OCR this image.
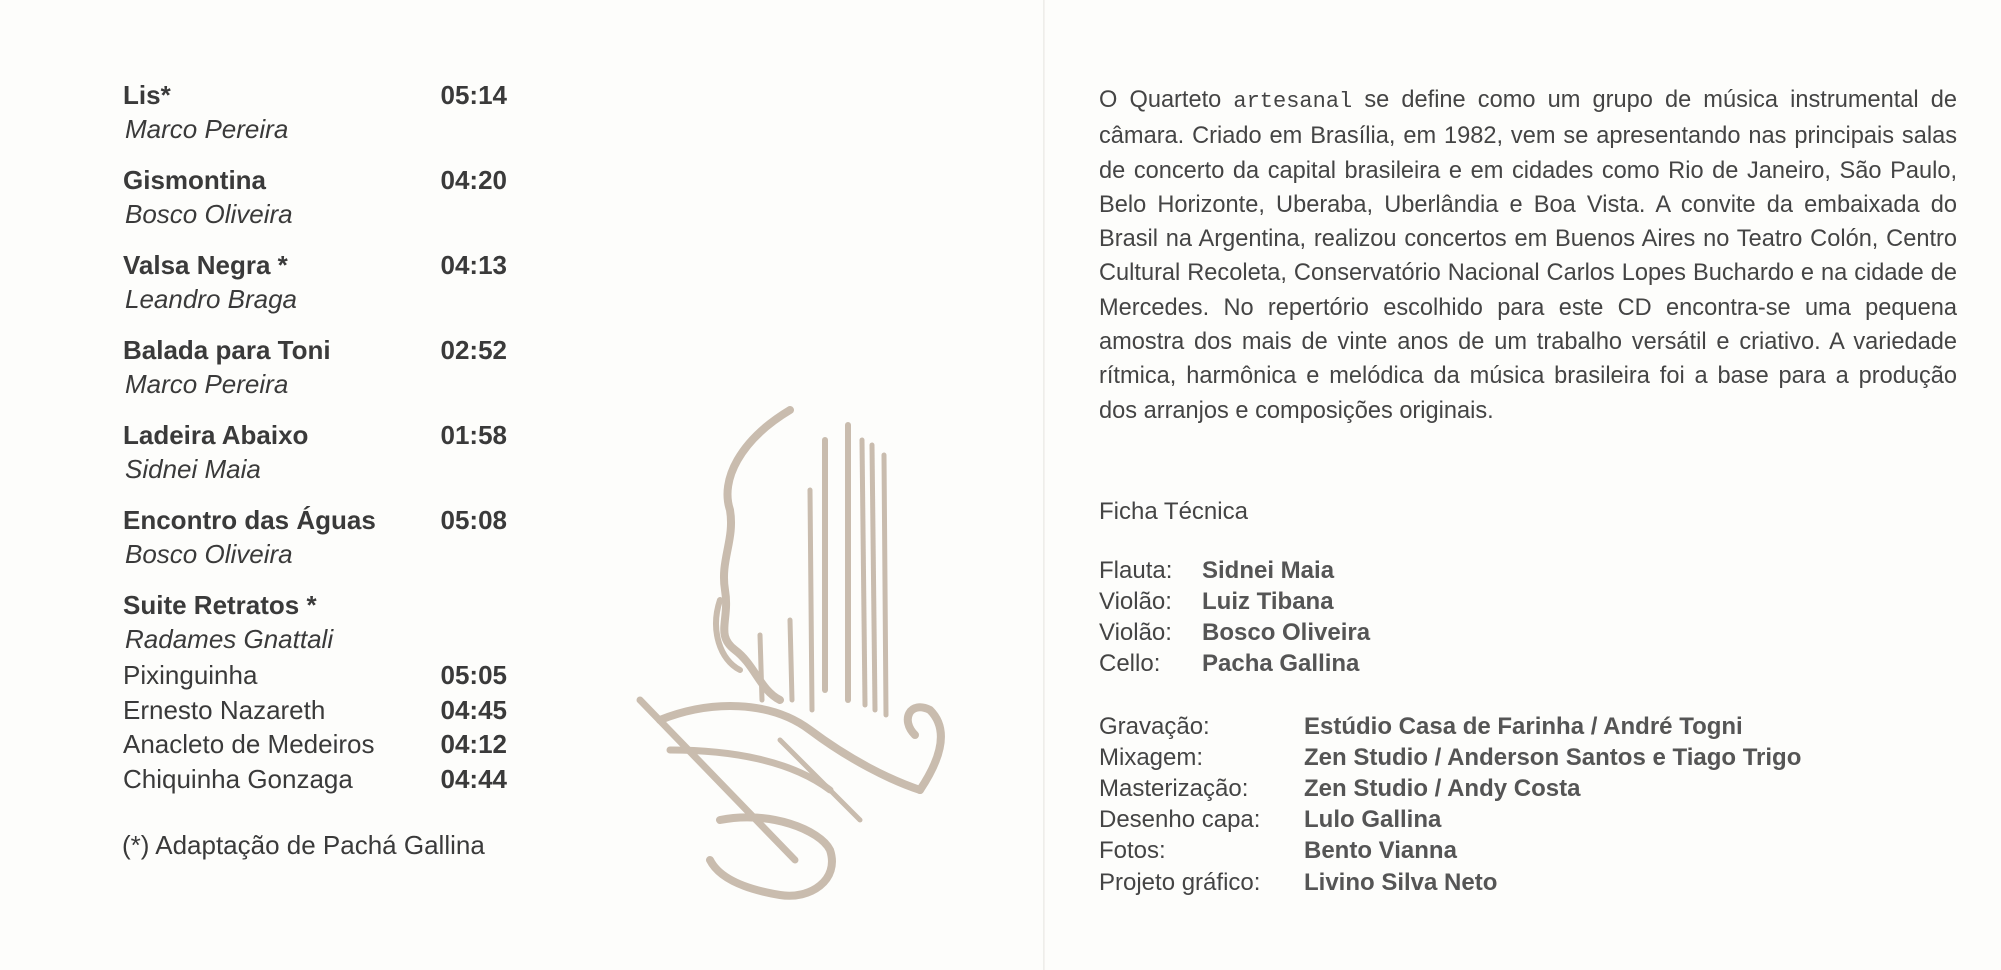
Lis*	05:14
Marco Pereira
Gismontina	04:20
Bosco Oliveira
Valsa Negra *	04:13
Leandro Braga
Balada para Toni	02:52
Marco Pereira
Ladeira Abaixo	01:58
Sidnei Maia
Encontro das Águas 05:08
Bosco Oliveira
Suite Retratos *
Radames Gnattali
Pixinguinha	05:05
Ernesto Nazareth	04:45
Anacleto de Medeiros	04:12
Chiquinha Gonzaga	04:44
(*) Adaptação de Pachá Gallina

O Quarteto artesanal se define como um grupo de música instrumental de câmara. Criado em Brasília, em 1982, vem se apresentando nas principais salas de concerto da capital brasileira e em cidades como Rio de Janeiro, São Paulo, Belo Horizonte, Uberaba, Uberlândia e Boa Vista. A convite da embaixada do Brasil na Argentina, realizou concertos em Buenos Aires no Teatro Colón, Centro Cultural Recoleta, Conservatório Nacional Carlos Lopes Buchardo e na cidade de Mercedes. No repertório escolhido para este CD encontra-se uma pequena amostra dos mais de vinte anos de um trabalho versátil e criativo. A variedade rítmica, harmônica e melódica da música brasileira foi a base para a produção dos arranjos e composições originais.

Ficha Técnica
Flauta: Sidnei Maia
Violão: Luiz Tibana
Violão: Bosco Oliveira
Cello: Pacha Gallina
Gravação:	Estúdio Casa de Farinha / André Togni
Mixagem:	Zen Studio / Anderson Santos e Tiago Trigo
Masterização: Zen Studio / Andy Costa
Desenho capa: Lulo Gallina
Fotos:	Bento Vianna
Projeto gráfico: Livino Silva Neto
